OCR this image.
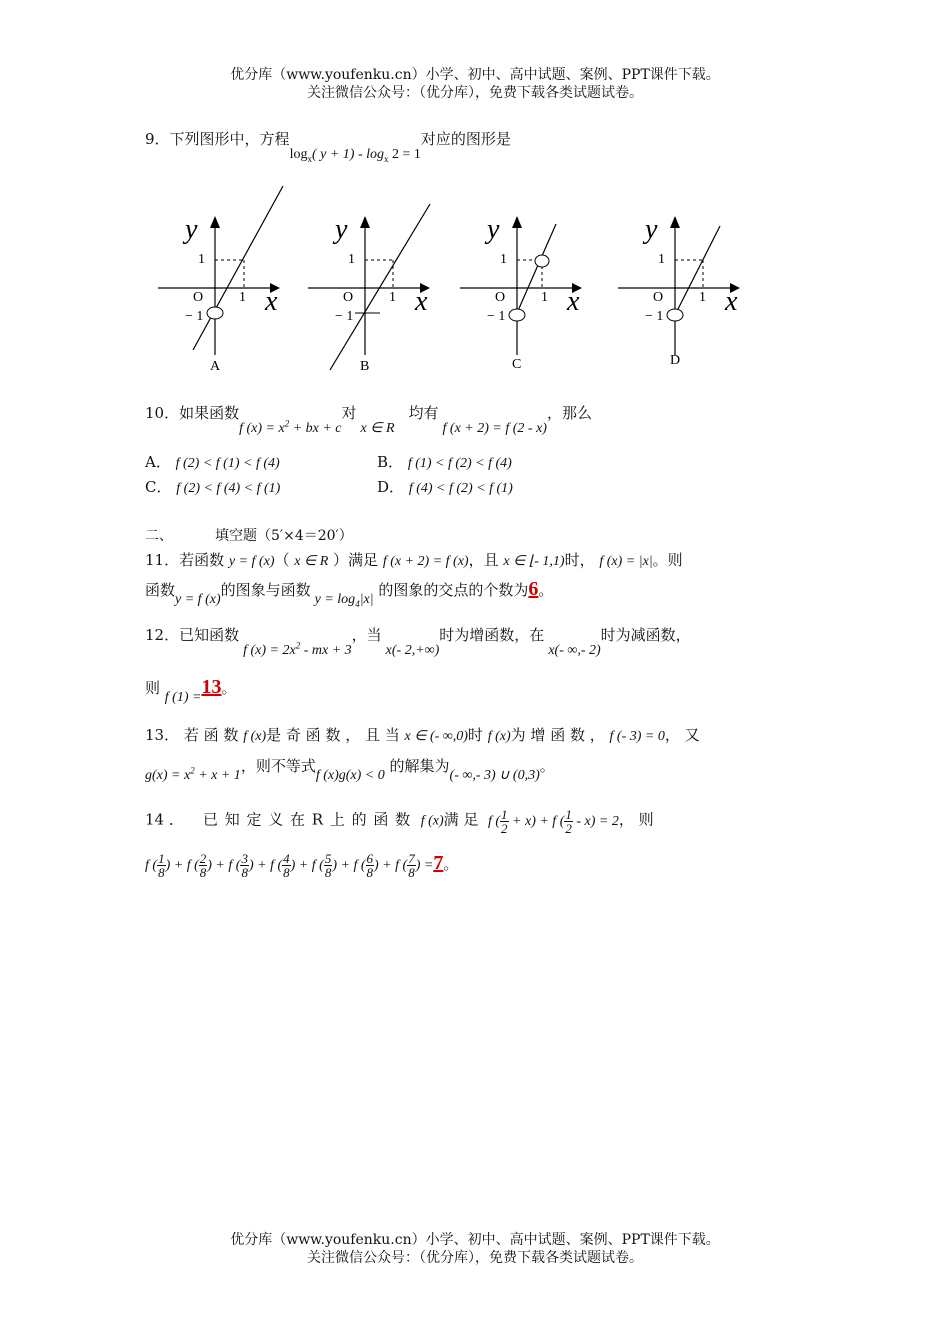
优分库（www.youfenku.cn）小学、初中、高中试题、案例、PPT课件下载。
关注微信公众号：（优分库），免费下载各类试题试卷。
9．下列图形中，方程$\log_x$( $y + 1) - \log_x 2 = 1$对应的图形是
y
x
1
O	1
− 1
A
y
x
1
O	1
− 1
B
y
x
1
O	1
− 1
C
y
x
1
O	1
− 1
D
10．如果函数f $(x) = x^2$ + bx + c对x ∈ R均有f (x + 2) = f (2 - x)，那么
A． f (2) < f (1) < f (4)	B． f (1) < f (2) < f (4)
C． f (2) < f (4) < f (1)	D． f (4) < f (2) < f (1)
二、	填空题（5′×4＝20′）
11．若函数 y = f (x)（ x ∈ R ）满足 f (x + 2) = f (x)，且 x ∈ ⌊- 1,1)时， f (x) = |x|。则
函数y = f (x)的图象与函数$y = \log_4|x|$ 的图象的交点的个数为6。
12．已知函数f $(x) = 2x^2$ - mx + 3，当x(- 2,+∞)时为增函数，在x(- ∞,- 2)时为减函数，
则 f (1) =13。
13． 若 函 数 f (x)是 奇 函 数 ， 且 当 x ∈ (- ∞,0)时 f (x)为 增 函 数 ， f (- 3) = 0， 又
$g(x) = x^2 + x + 1$，则不等式f (x)g(x) < 0 的解集为(- ∞,- 3) ∪ (0,3)。
14 ． 已 知 定 义 在 R 上 的 函 数 f (x)满 足 f ( $\frac{1}{2} + x) + f$ ( $\frac{1}{2} - x) = 2$， 则
f ( $\frac{1}{8}$ ) + f ( $\frac{2}{8}$ ) + f ( $\frac{3}{8}$ ) + f ( $\frac{4}{8}$ ) + f ( $\frac{5}{8}$ ) + f ( $\frac{6}{8}$ ) + f ( $\frac{7}{8}$ ) =7。
优分库（www.youfenku.cn）小学、初中、高中试题、案例、PPT课件下载。
关注微信公众号：（优分库），免费下载各类试题试卷。
